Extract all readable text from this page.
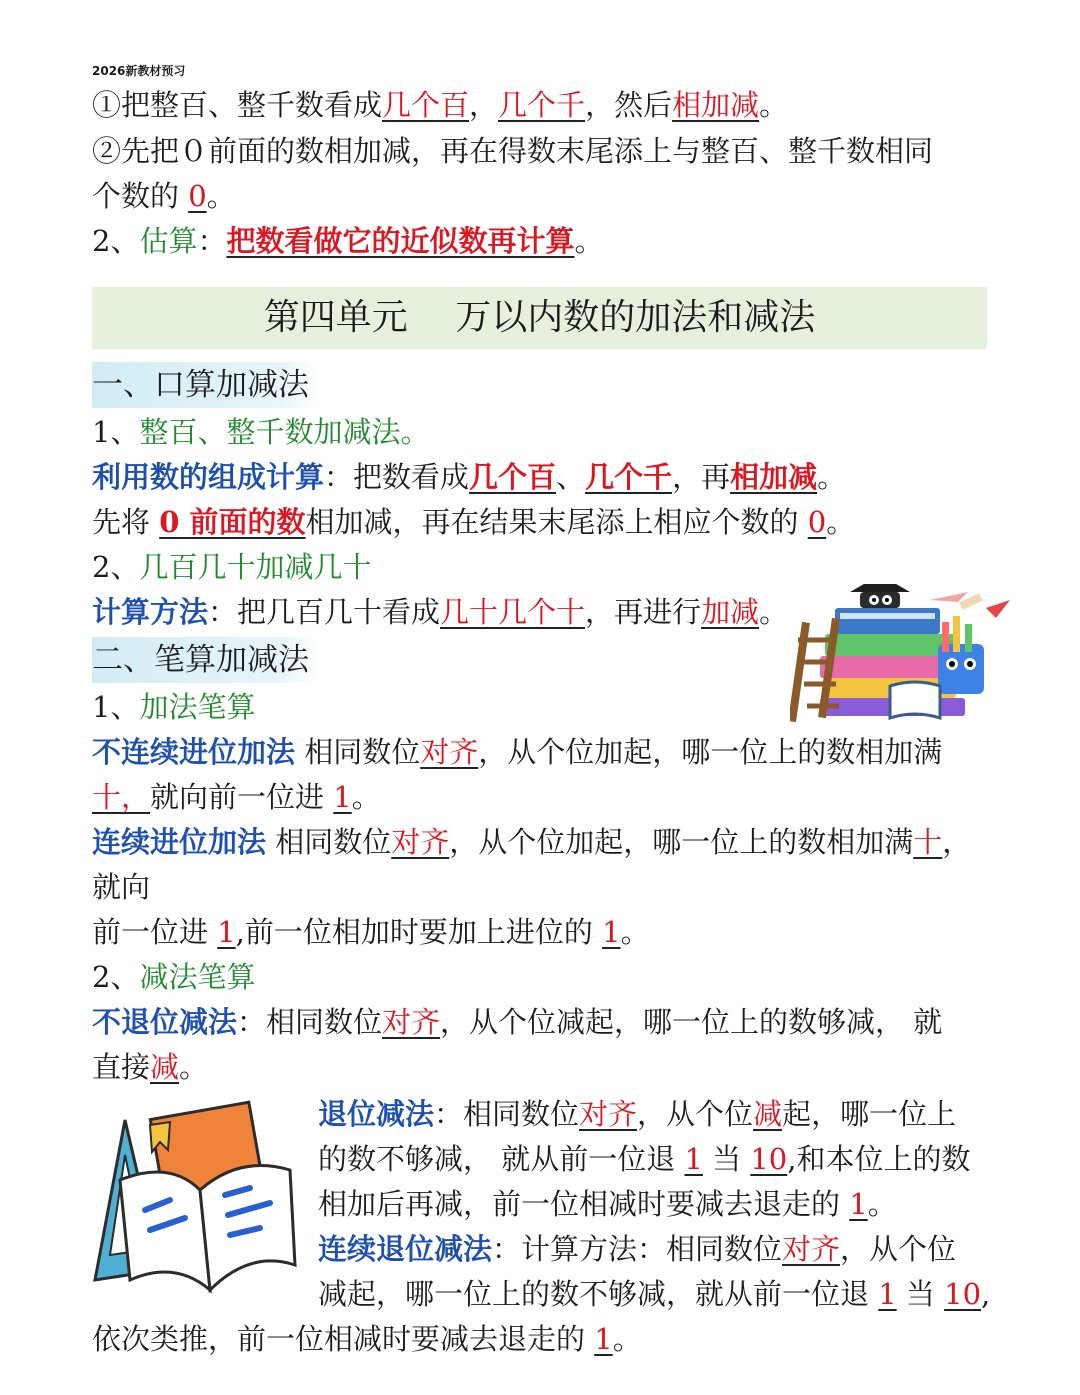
2026新教材预习
①把整百、整千数看成几个百，几个千，然后相加减。
②先把０前面的数相加减，再在得数末尾添上与整百、整千数相同
个数的 0。
2、估算：把数看做它的近似数再计算。
第四单元　 万以内数的加法和减法
一、口算加减法
1、整百、整千数加减法。
利用数的组成计算：把数看成几个百、几个千，再相加减。
先将 0 前面的数相加减，再在结果末尾添上相应个数的 0。
2、几百几十加减几十
计算方法：把几百几十看成几十几个十，再进行加减。
二、笔算加减法
1、加法笔算
不连续进位加法 相同数位对齐，从个位加起，哪一位上的数相加满
十，就向前一位进 1。
连续进位加法 相同数位对齐，从个位加起，哪一位上的数相加满十，
就向
前一位进 1,前一位相加时要加上进位的 1。
2、减法笔算
不退位减法：相同数位对齐，从个位减起，哪一位上的数够减， 就
直接减。
退位减法：相同数位对齐，从个位减起，哪一位上
的数不够减， 就从前一位退 1 当 10,和本位上的数
相加后再减，前一位相减时要减去退走的 1。
连续退位减法：计算方法：相同数位对齐，从个位
减起，哪一位上的数不够减，就从前一位退 1 当 10,
依次类推，前一位相减时要减去退走的 1。
